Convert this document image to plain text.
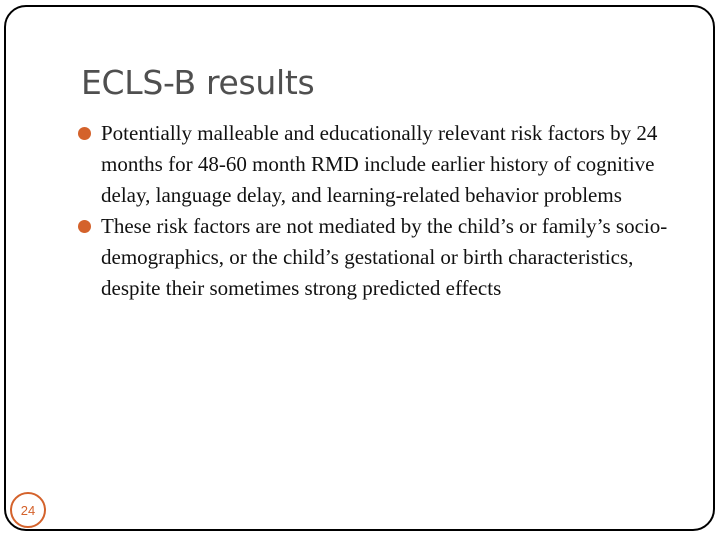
ECLS-B results
Potentially malleable and educationally relevant risk factors by 24 months for 48-60 month RMD include earlier history of cognitive delay, language delay, and learning-related behavior problems
These risk factors are not mediated by the child’s or family’s socio-demographics, or the child’s gestational or birth characteristics, despite their sometimes strong predicted effects
24
